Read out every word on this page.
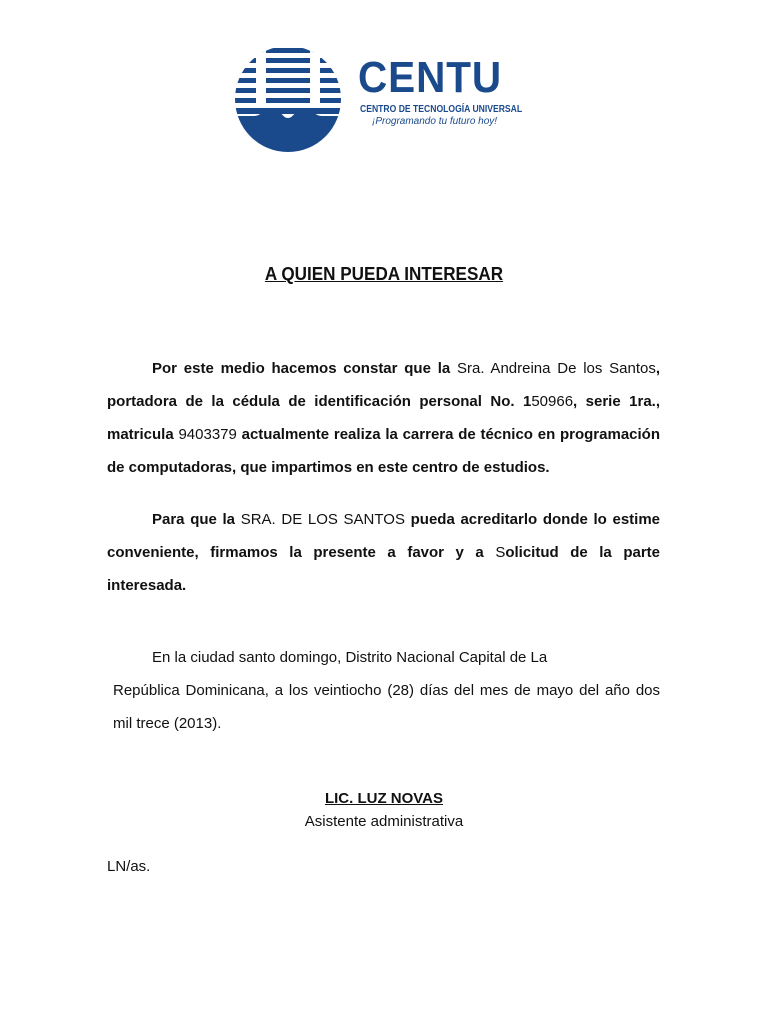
CENTU
CENTRO DE TECNOLOGÍA UNIVERSAL
¡Programando tu futuro hoy!
A QUIEN PUEDA INTERESAR

Por este medio hacemos constar que la Sra. Andreina De los Santos, portadora de la cédula de identificación personal No. 150966, serie 1ra., matricula 9403379 actualmente realiza la carrera de técnico en programación de computadoras, que impartimos en este centro de estudios.

Para que la SRA. DE LOS SANTOS pueda acreditarlo donde lo estime conveniente, firmamos la presente a favor y a Solicitud de la parte interesada.

En la ciudad santo domingo, Distrito Nacional Capital de La

República Dominicana, a los veintiocho (28) días del mes de mayo del año dos mil trece (2013).

LIC. LUZ NOVAS
Asistente administrativa
LN/as.
